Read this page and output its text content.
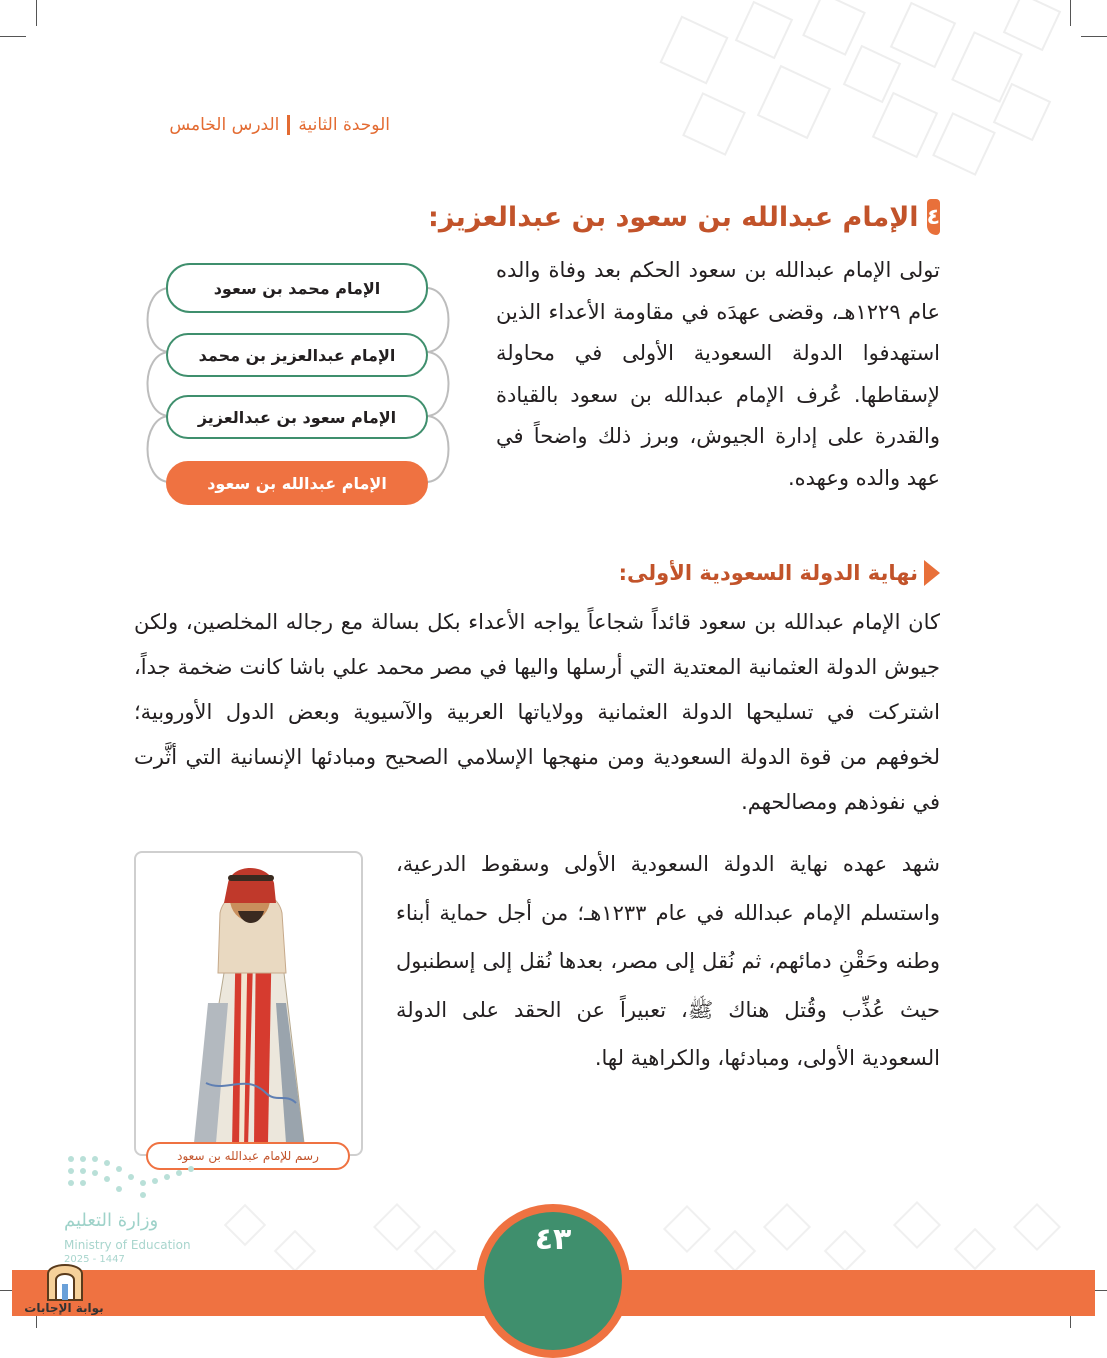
الوحدة الثانية
الدرس الخامس
٤
الإمام عبدالله بن سعود بن عبدالعزيز:
تولى الإمام عبدالله بن سعود الحكم بعد وفاة والده عام ١٢٢٩هـ، وقضى عهدَه في مقاومة الأعداء الذين استهدفوا الدولة السعودية الأولى في محاولة لإسقاطها. عُرف الإمام عبدالله بن سعود بالقيادة والقدرة على إدارة الجيوش، وبرز ذلك واضحاً في عهد والده وعهده.
الإمام محمد بن سعود
الإمام عبدالعزيز بن محمد
الإمام سعود بن عبدالعزيز
الإمام عبدالله بن سعود
نهاية الدولة السعودية الأولى:
كان الإمام عبدالله بن سعود قائداً شجاعاً يواجه الأعداء بكل بسالة مع رجاله المخلصين، ولكن جيوش الدولة العثمانية المعتدية التي أرسلها واليها في مصر محمد علي باشا كانت ضخمة جداً، اشتركت في تسليحها الدولة العثمانية وولاياتها العربية والآسيوية وبعض الدول الأوروبية؛ لخوفهم من قوة الدولة السعودية ومن منهجها الإسلامي الصحيح ومبادئها الإنسانية التي أثَّرت في نفوذهم ومصالحهم.
شهد عهده نهاية الدولة السعودية الأولى وسقوط الدرعية، واستسلم الإمام عبدالله في عام ١٢٣٣هـ؛ من أجل حماية أبناء وطنه وحَقْنِ دمائهم، ثم نُقل إلى مصر، بعدها نُقل إلى إسطنبول حيث عُذِّب وقُتل هناك ﷺ، تعبيراً عن الحقد على الدولة السعودية الأولى، ومبادئها، والكراهية لها.
رسم للإمام عبدالله بن سعود
وزارة التعليم
Ministry of Education
2025 - 1447
٤٣
بوابة الإجابات
